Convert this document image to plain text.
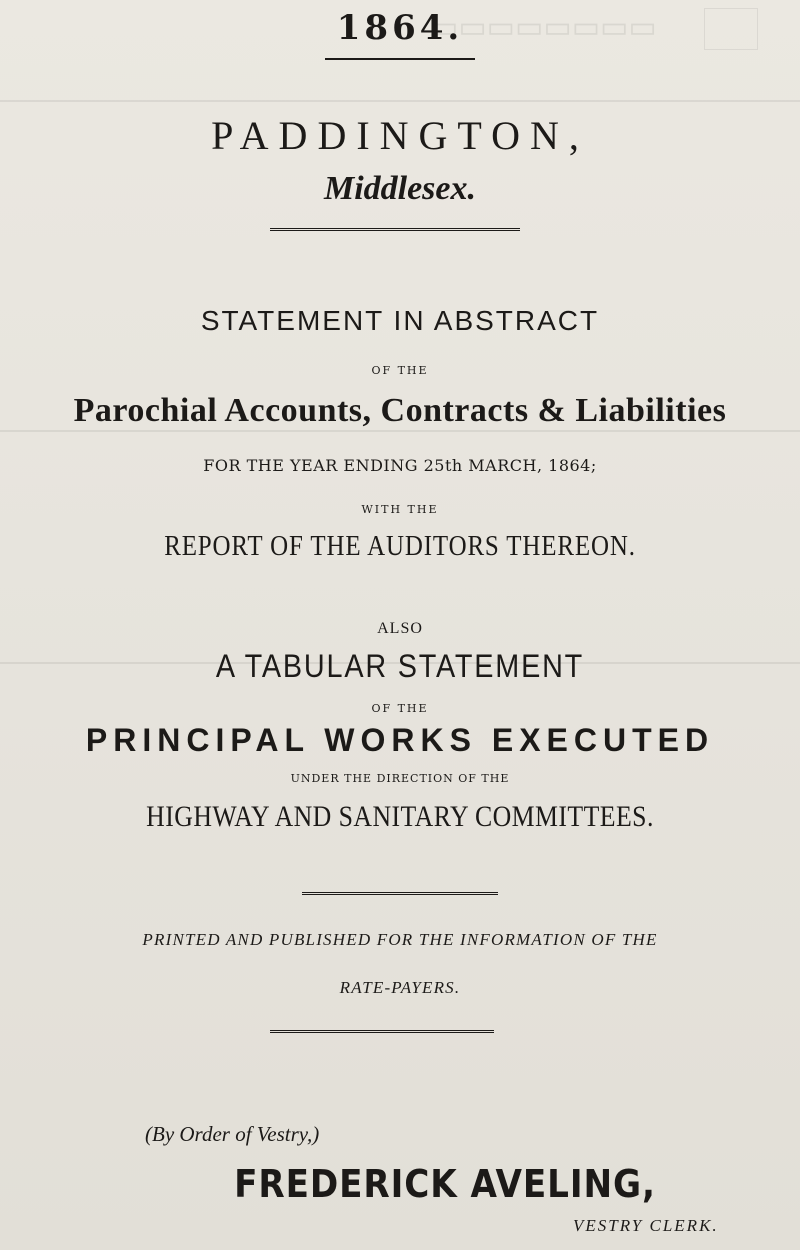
▭▭▭▭▭▭▭▭
1864.
PADDINGTON,
Middlesex.
STATEMENT IN ABSTRACT
OF THE
Parochial Accounts, Contracts & Liabilities
FOR THE YEAR ENDING 25th MARCH, 1864;
WITH THE
REPORT OF THE AUDITORS THEREON.
ALSO
A TABULAR STATEMENT
OF THE
PRINCIPAL WORKS EXECUTED
UNDER THE DIRECTION OF THE
HIGHWAY AND SANITARY COMMITTEES.
PRINTED AND PUBLISHED FOR THE INFORMATION OF THE
RATE-PAYERS.
(By Order of Vestry,)
FREDERICK AVELING,
VESTRY CLERK.
